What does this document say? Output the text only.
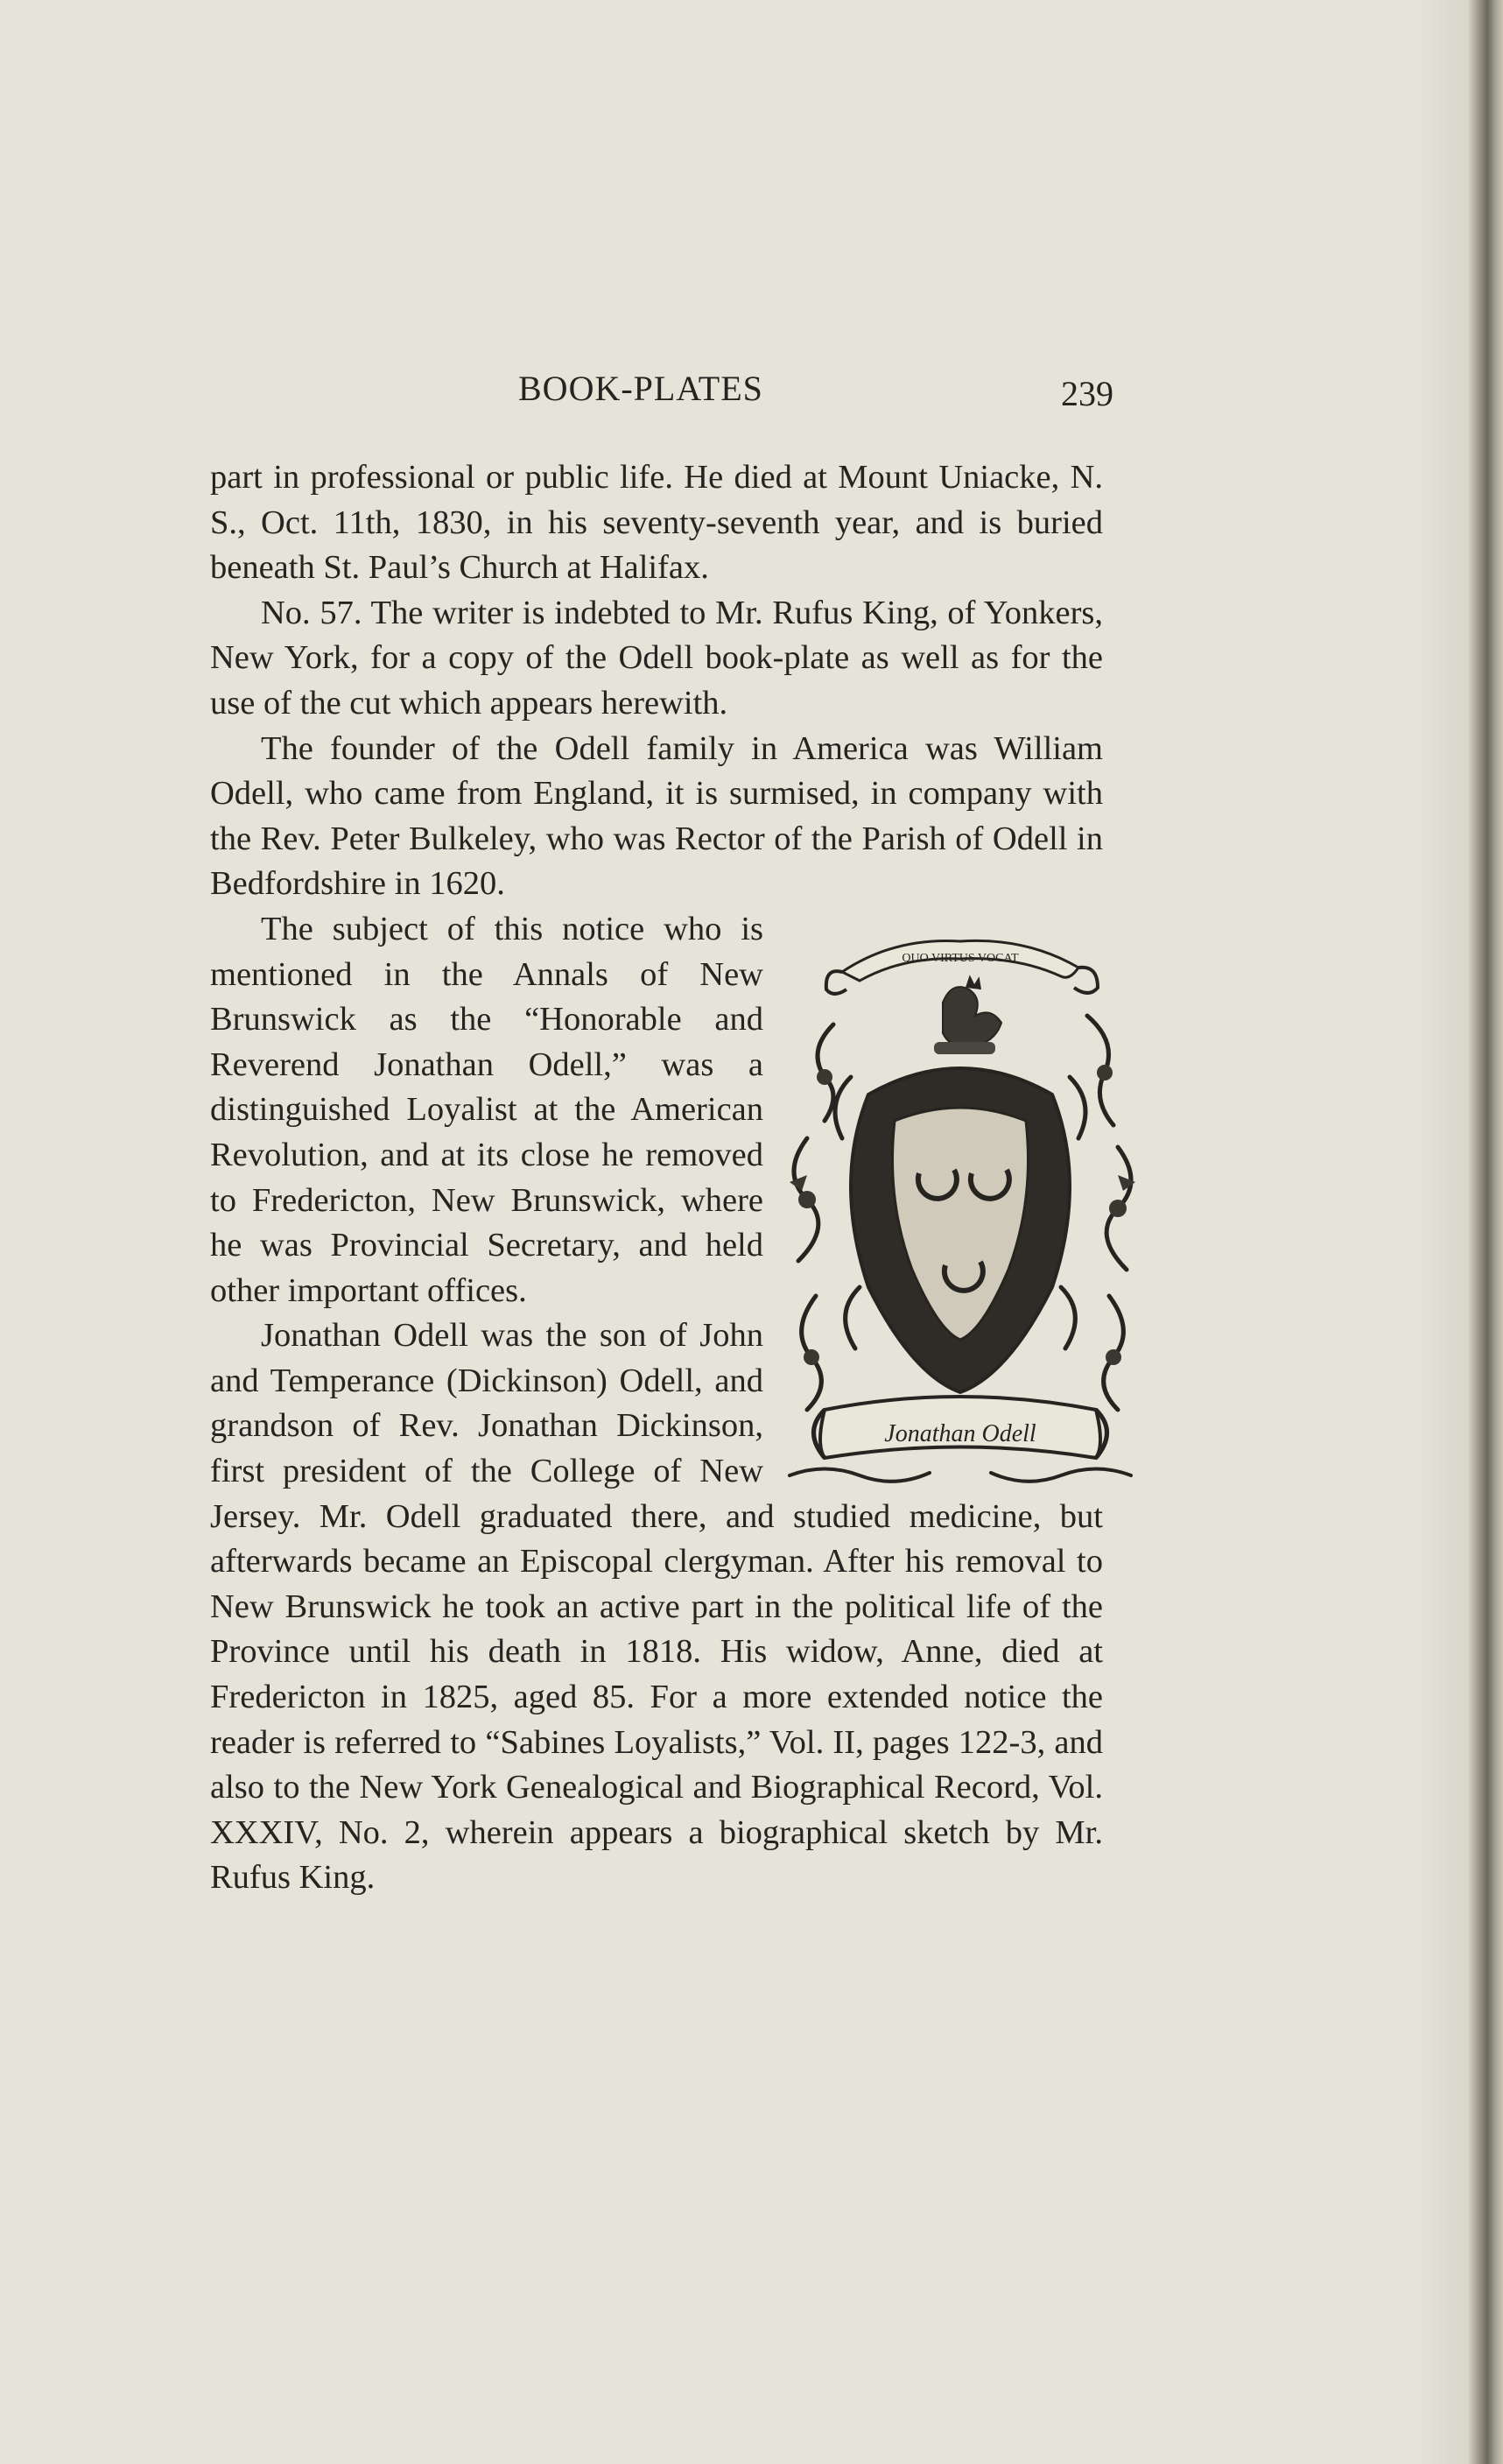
BOOK-PLATES	239

part in professional or public life. He died at Mount Uniacke, N. S., Oct. 11th, 1830, in his seventy-seventh year, and is buried beneath St. Paul’s Church at Halifax.

No. 57. The writer is indebted to Mr. Rufus King, of Yonkers, New York, for a copy of the Odell book-plate as well as for the use of the cut which appears herewith.

The founder of the Odell family in America was William Odell, who came from England, it is surmised, in company with the Rev. Peter Bulkeley, who was Rector of the Parish of Odell in Bedfordshire in 1620.

QUO VIRTUS VOCAT
Jonathan Odell
The subject of this notice who is mentioned in the Annals of New Brunswick as the “Honorable and Reverend Jonathan Odell,” was a distinguished Loyalist at the American Revolution, and at its close he removed to Fredericton, New Brunswick, where he was Provincial Secretary, and held other important offices.

Jonathan Odell was the son of John and Temperance (Dickinson) Odell, and grandson of Rev. Jonathan Dickinson, first president of the College of New Jersey. Mr. Odell graduated there, and studied medicine, but afterwards became an Episcopal clergyman. After his removal to New Brunswick he took an active part in the political life of the Province until his death in 1818. His widow, Anne, died at Fredericton in 1825, aged 85. For a more extended notice the reader is referred to “Sabines Loyalists,” Vol. II, pages 122-3, and also to the New York Genealogical and Biographical Record, Vol. XXXIV, No. 2, wherein appears a biographical sketch by Mr. Rufus King.
